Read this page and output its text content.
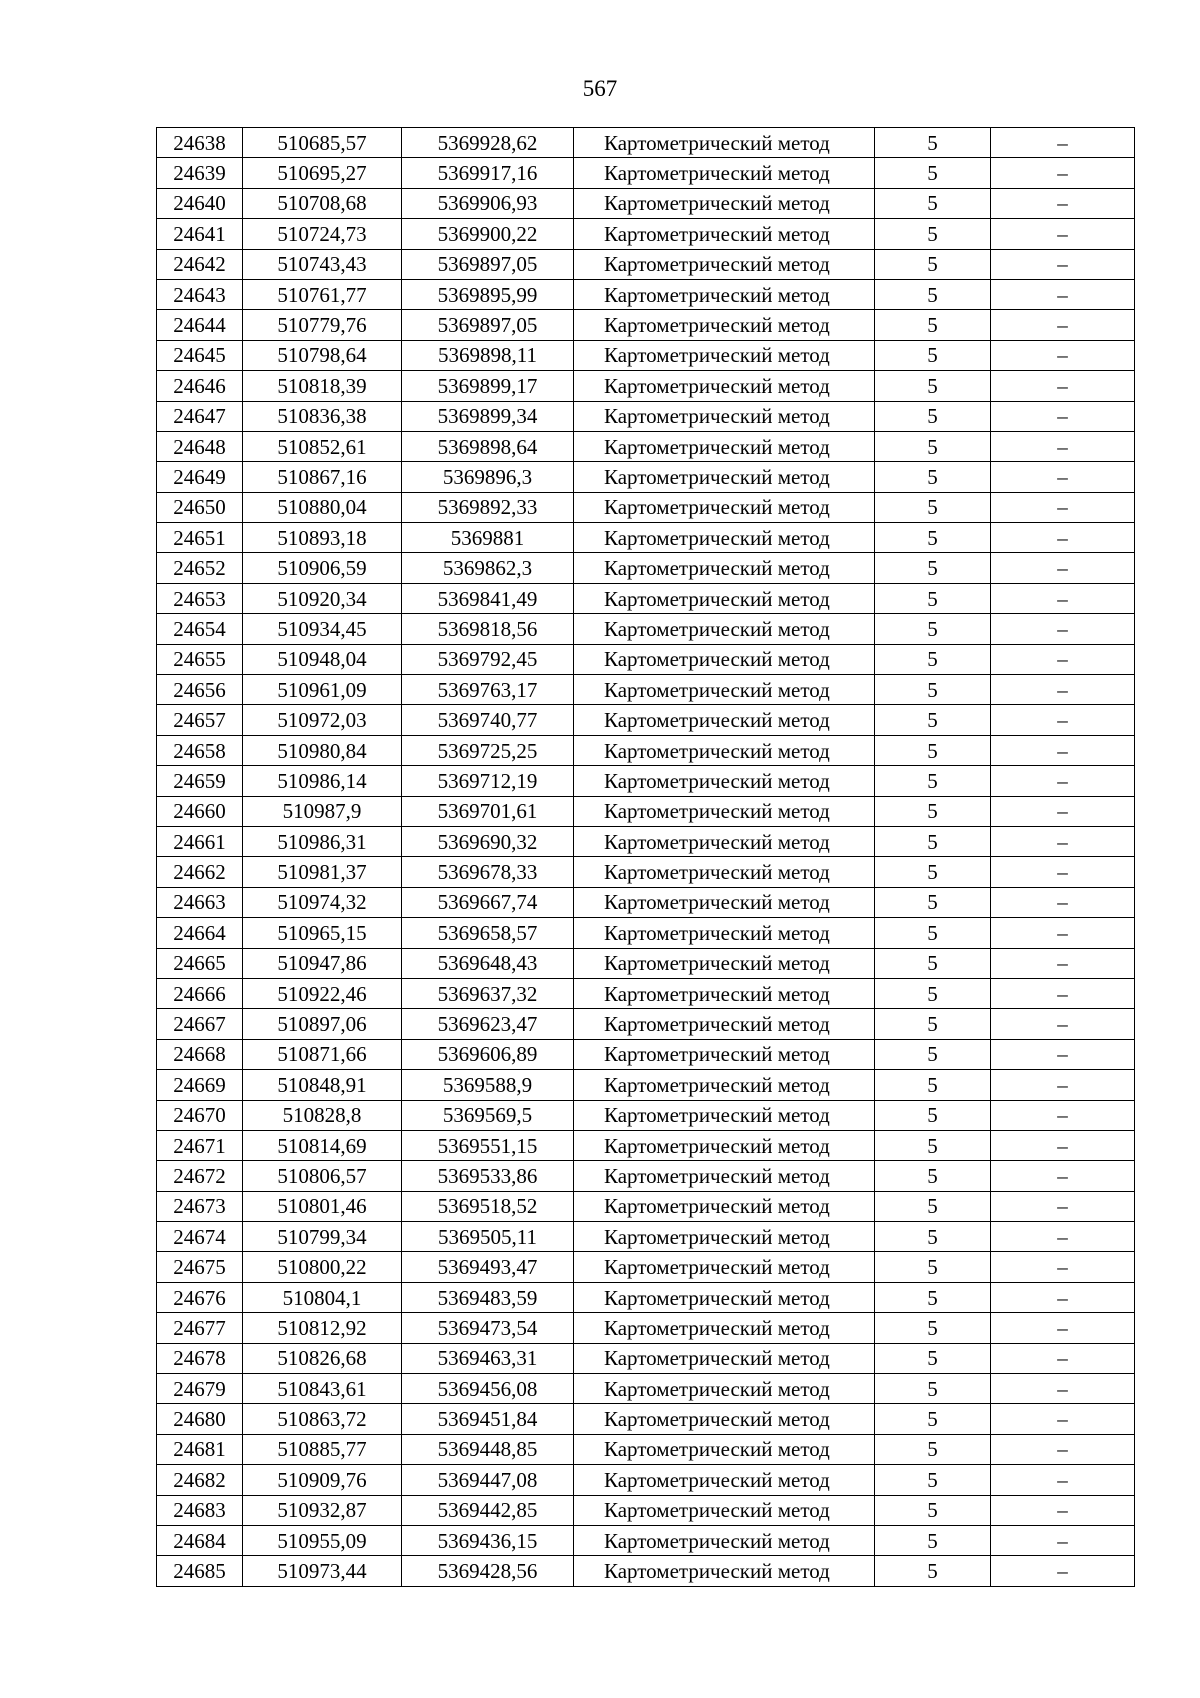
567
24638	510685,57	5369928,62	Картометрический метод	5	–
24639	510695,27	5369917,16	Картометрический метод	5	–
24640	510708,68	5369906,93	Картометрический метод	5	–
24641	510724,73	5369900,22	Картометрический метод	5	–
24642	510743,43	5369897,05	Картометрический метод	5	–
24643	510761,77	5369895,99	Картометрический метод	5	–
24644	510779,76	5369897,05	Картометрический метод	5	–
24645	510798,64	5369898,11	Картометрический метод	5	–
24646	510818,39	5369899,17	Картометрический метод	5	–
24647	510836,38	5369899,34	Картометрический метод	5	–
24648	510852,61	5369898,64	Картометрический метод	5	–
24649	510867,16	5369896,3	Картометрический метод	5	–
24650	510880,04	5369892,33	Картометрический метод	5	–
24651	510893,18	5369881	Картометрический метод	5	–
24652	510906,59	5369862,3	Картометрический метод	5	–
24653	510920,34	5369841,49	Картометрический метод	5	–
24654	510934,45	5369818,56	Картометрический метод	5	–
24655	510948,04	5369792,45	Картометрический метод	5	–
24656	510961,09	5369763,17	Картометрический метод	5	–
24657	510972,03	5369740,77	Картометрический метод	5	–
24658	510980,84	5369725,25	Картометрический метод	5	–
24659	510986,14	5369712,19	Картометрический метод	5	–
24660	510987,9	5369701,61	Картометрический метод	5	–
24661	510986,31	5369690,32	Картометрический метод	5	–
24662	510981,37	5369678,33	Картометрический метод	5	–
24663	510974,32	5369667,74	Картометрический метод	5	–
24664	510965,15	5369658,57	Картометрический метод	5	–
24665	510947,86	5369648,43	Картометрический метод	5	–
24666	510922,46	5369637,32	Картометрический метод	5	–
24667	510897,06	5369623,47	Картометрический метод	5	–
24668	510871,66	5369606,89	Картометрический метод	5	–
24669	510848,91	5369588,9	Картометрический метод	5	–
24670	510828,8	5369569,5	Картометрический метод	5	–
24671	510814,69	5369551,15	Картометрический метод	5	–
24672	510806,57	5369533,86	Картометрический метод	5	–
24673	510801,46	5369518,52	Картометрический метод	5	–
24674	510799,34	5369505,11	Картометрический метод	5	–
24675	510800,22	5369493,47	Картометрический метод	5	–
24676	510804,1	5369483,59	Картометрический метод	5	–
24677	510812,92	5369473,54	Картометрический метод	5	–
24678	510826,68	5369463,31	Картометрический метод	5	–
24679	510843,61	5369456,08	Картометрический метод	5	–
24680	510863,72	5369451,84	Картометрический метод	5	–
24681	510885,77	5369448,85	Картометрический метод	5	–
24682	510909,76	5369447,08	Картометрический метод	5	–
24683	510932,87	5369442,85	Картометрический метод	5	–
24684	510955,09	5369436,15	Картометрический метод	5	–
24685	510973,44	5369428,56	Картометрический метод	5	–
